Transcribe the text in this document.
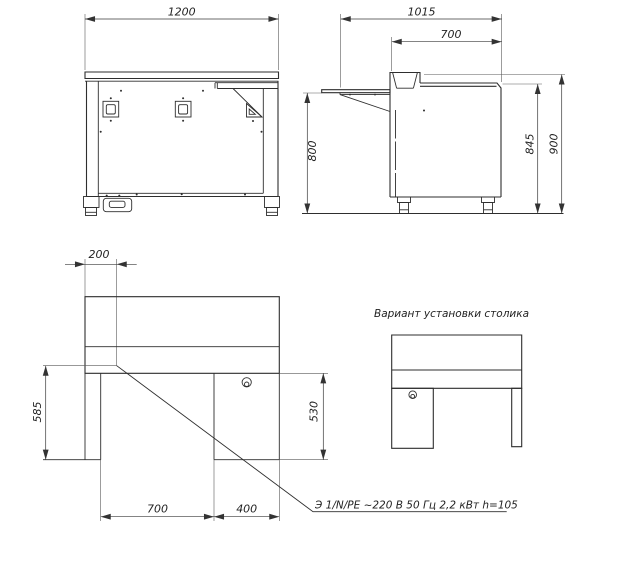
1200	1015
700
900
845
800
200
585	530
700	400	Э 1/N/PE ~220 В 50 Гц 2,2 кВт h=105
Вариант установки столика
